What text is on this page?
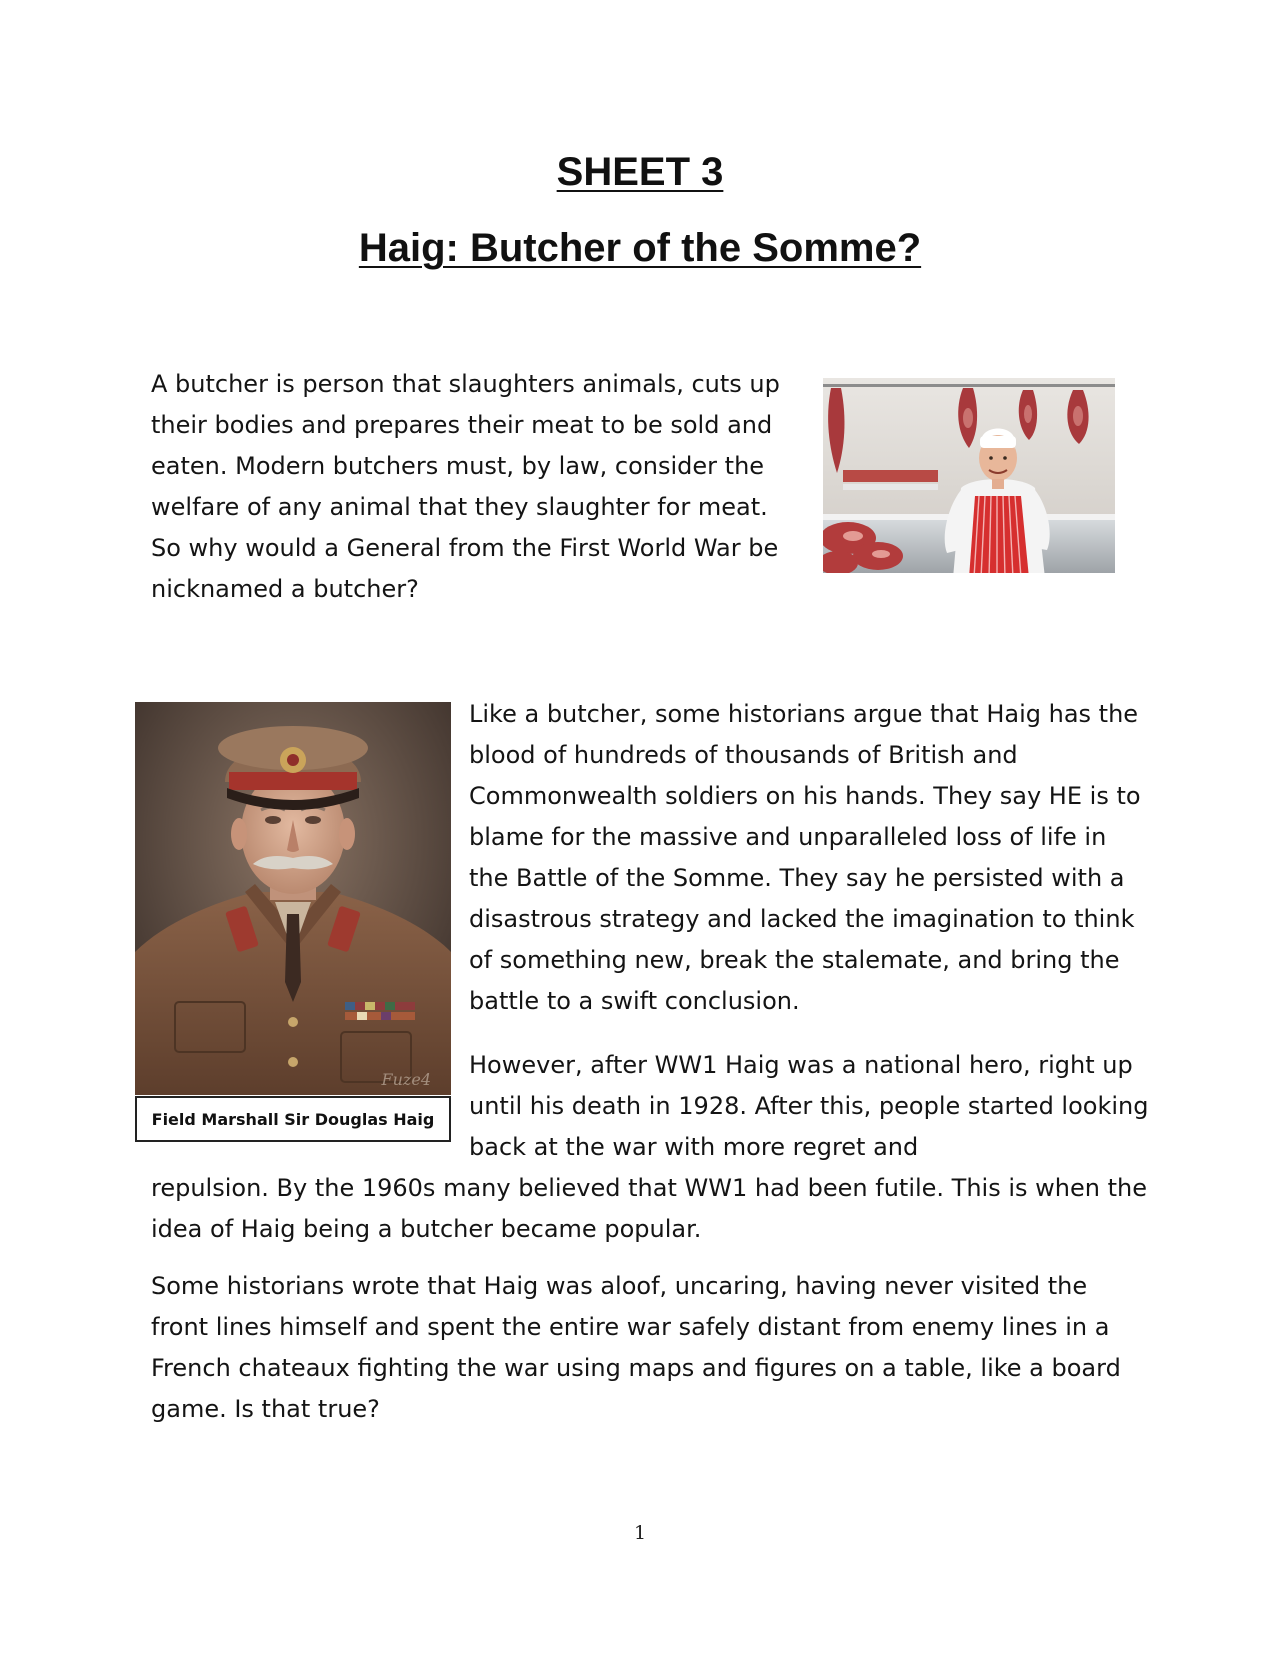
SHEET 3
Haig: Butcher of the Somme?

A butcher is person that slaughters animals, cuts up their bodies and prepares their meat to be sold and eaten. Modern butchers must, by law, consider the welfare of any animal that they slaughter for meat. So why would a General from the First World War be nicknamed a butcher?

Fuze4
Field Marshall Sir Douglas Haig

Like a butcher, some historians argue that Haig has the blood of hundreds of thousands of British and Commonwealth soldiers on his hands. They say HE is to blame for the massive and unparalleled loss of life in the Battle of the Somme. They say he persisted with a disastrous strategy and lacked the imagination to think of something new, break the stalemate, and bring the battle to a swift conclusion.

However, after WW1 Haig was a national hero, right up until his death in 1928. After this, people started looking back at the war with more regret and

repulsion. By the 1960s many believed that WW1 had been futile. This is when the idea of Haig being a butcher became popular.

Some historians wrote that Haig was aloof, uncaring, having never visited the front lines himself and spent the entire war safely distant from enemy lines in a French chateaux fighting the war using maps and figures on a table, like a board game. Is that true?

1
